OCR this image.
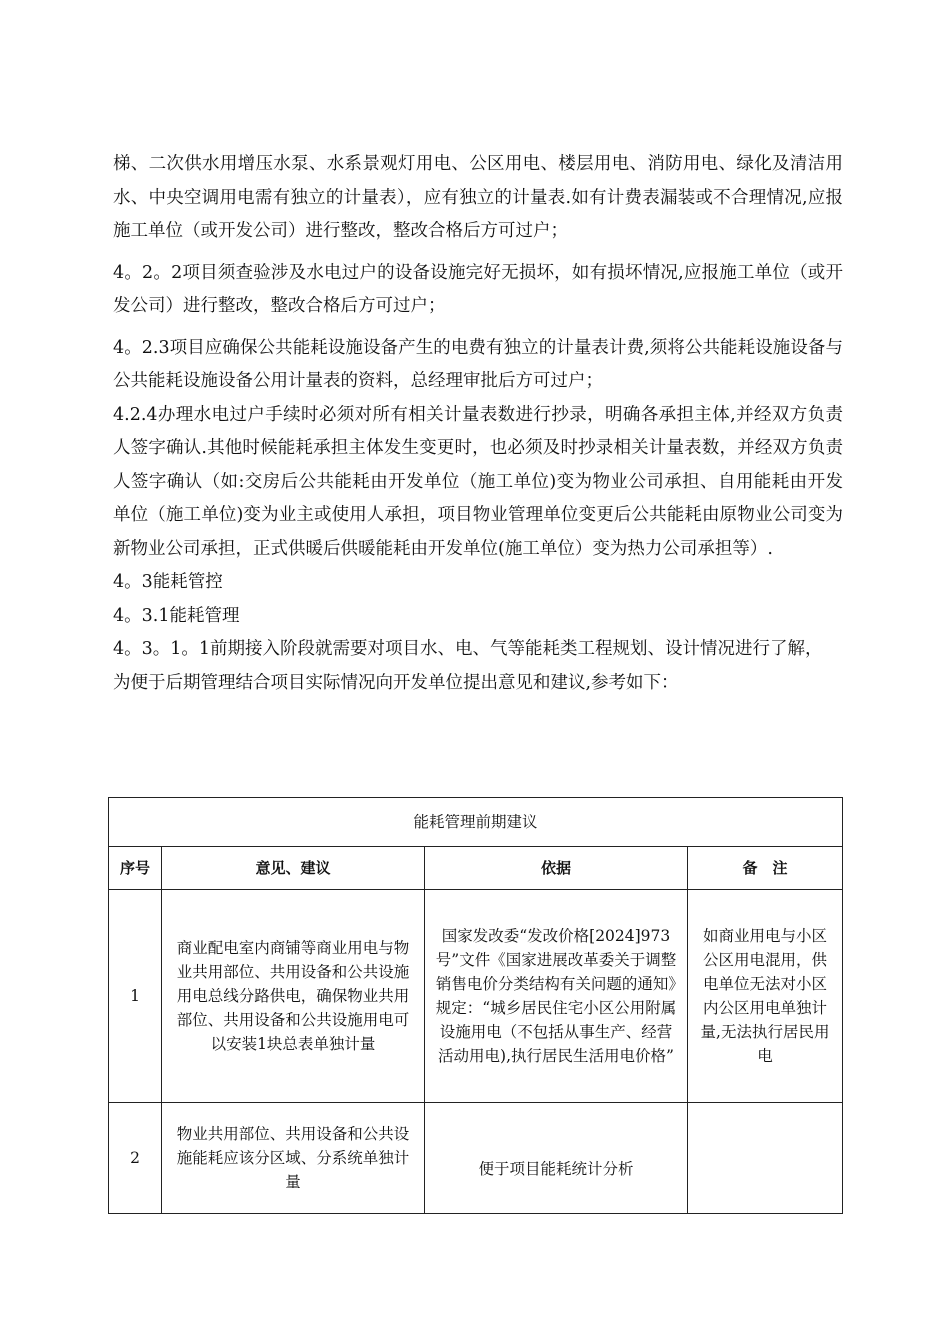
梯、二次供水用增压水泵、水系景观灯用电、公区用电、楼层用电、消防用电、绿化及清洁用水、中央空调用电需有独立的计量表），应有独立的计量表.如有计费表漏装或不合理情况,应报施工单位（或开发公司）进行整改，整改合格后方可过户；

4。2。2项目须查验涉及水电过户的设备设施完好无损坏，如有损坏情况,应报施工单位（或开发公司）进行整改，整改合格后方可过户；

4。2.3项目应确保公共能耗设施设备产生的电费有独立的计量表计费,须将公共能耗设施设备与公共能耗设施设备公用计量表的资料，总经理审批后方可过户；

4.2.4办理水电过户手续时必须对所有相关计量表数进行抄录，明确各承担主体,并经双方负责人签字确认.其他时候能耗承担主体发生变更时，也必须及时抄录相关计量表数，并经双方负责人签字确认（如:交房后公共能耗由开发单位（施工单位)变为物业公司承担、自用能耗由开发单位（施工单位)变为业主或使用人承担，项目物业管理单位变更后公共能耗由原物业公司变为新物业公司承担，正式供暖后供暖能耗由开发单位(施工单位）变为热力公司承担等）.

4。3能耗管控

4。3.1能耗管理

4。3。1。1前期接入阶段就需要对项目水、电、气等能耗类工程规划、设计情况进行了解，

为便于后期管理结合项目实际情况向开发单位提出意见和建议,参考如下：

能耗管理前期建议			
序号	意见、建议	依据	备　注
1	商业配电室内商铺等商业用电与物业共用部位、共用设备和公共设施用电总线分路供电，确保物业共用部位、共用设备和公共设施用电可以安装1块总表单独计量	国家发改委“发改价格[2024]973号”文件《国家进展改革委关于调整销售电价分类结构有关问题的通知》规定：“城乡居民住宅小区公用附属设施用电（不包括从事生产、经营活动用电),执行居民生活用电价格”	如商业用电与小区公区用电混用，供电单位无法对小区内公区用电单独计量,无法执行居民用电
2	物业共用部位、共用设备和公共设施能耗应该分区域、分系统单独计量	便于项目能耗统计分析	
